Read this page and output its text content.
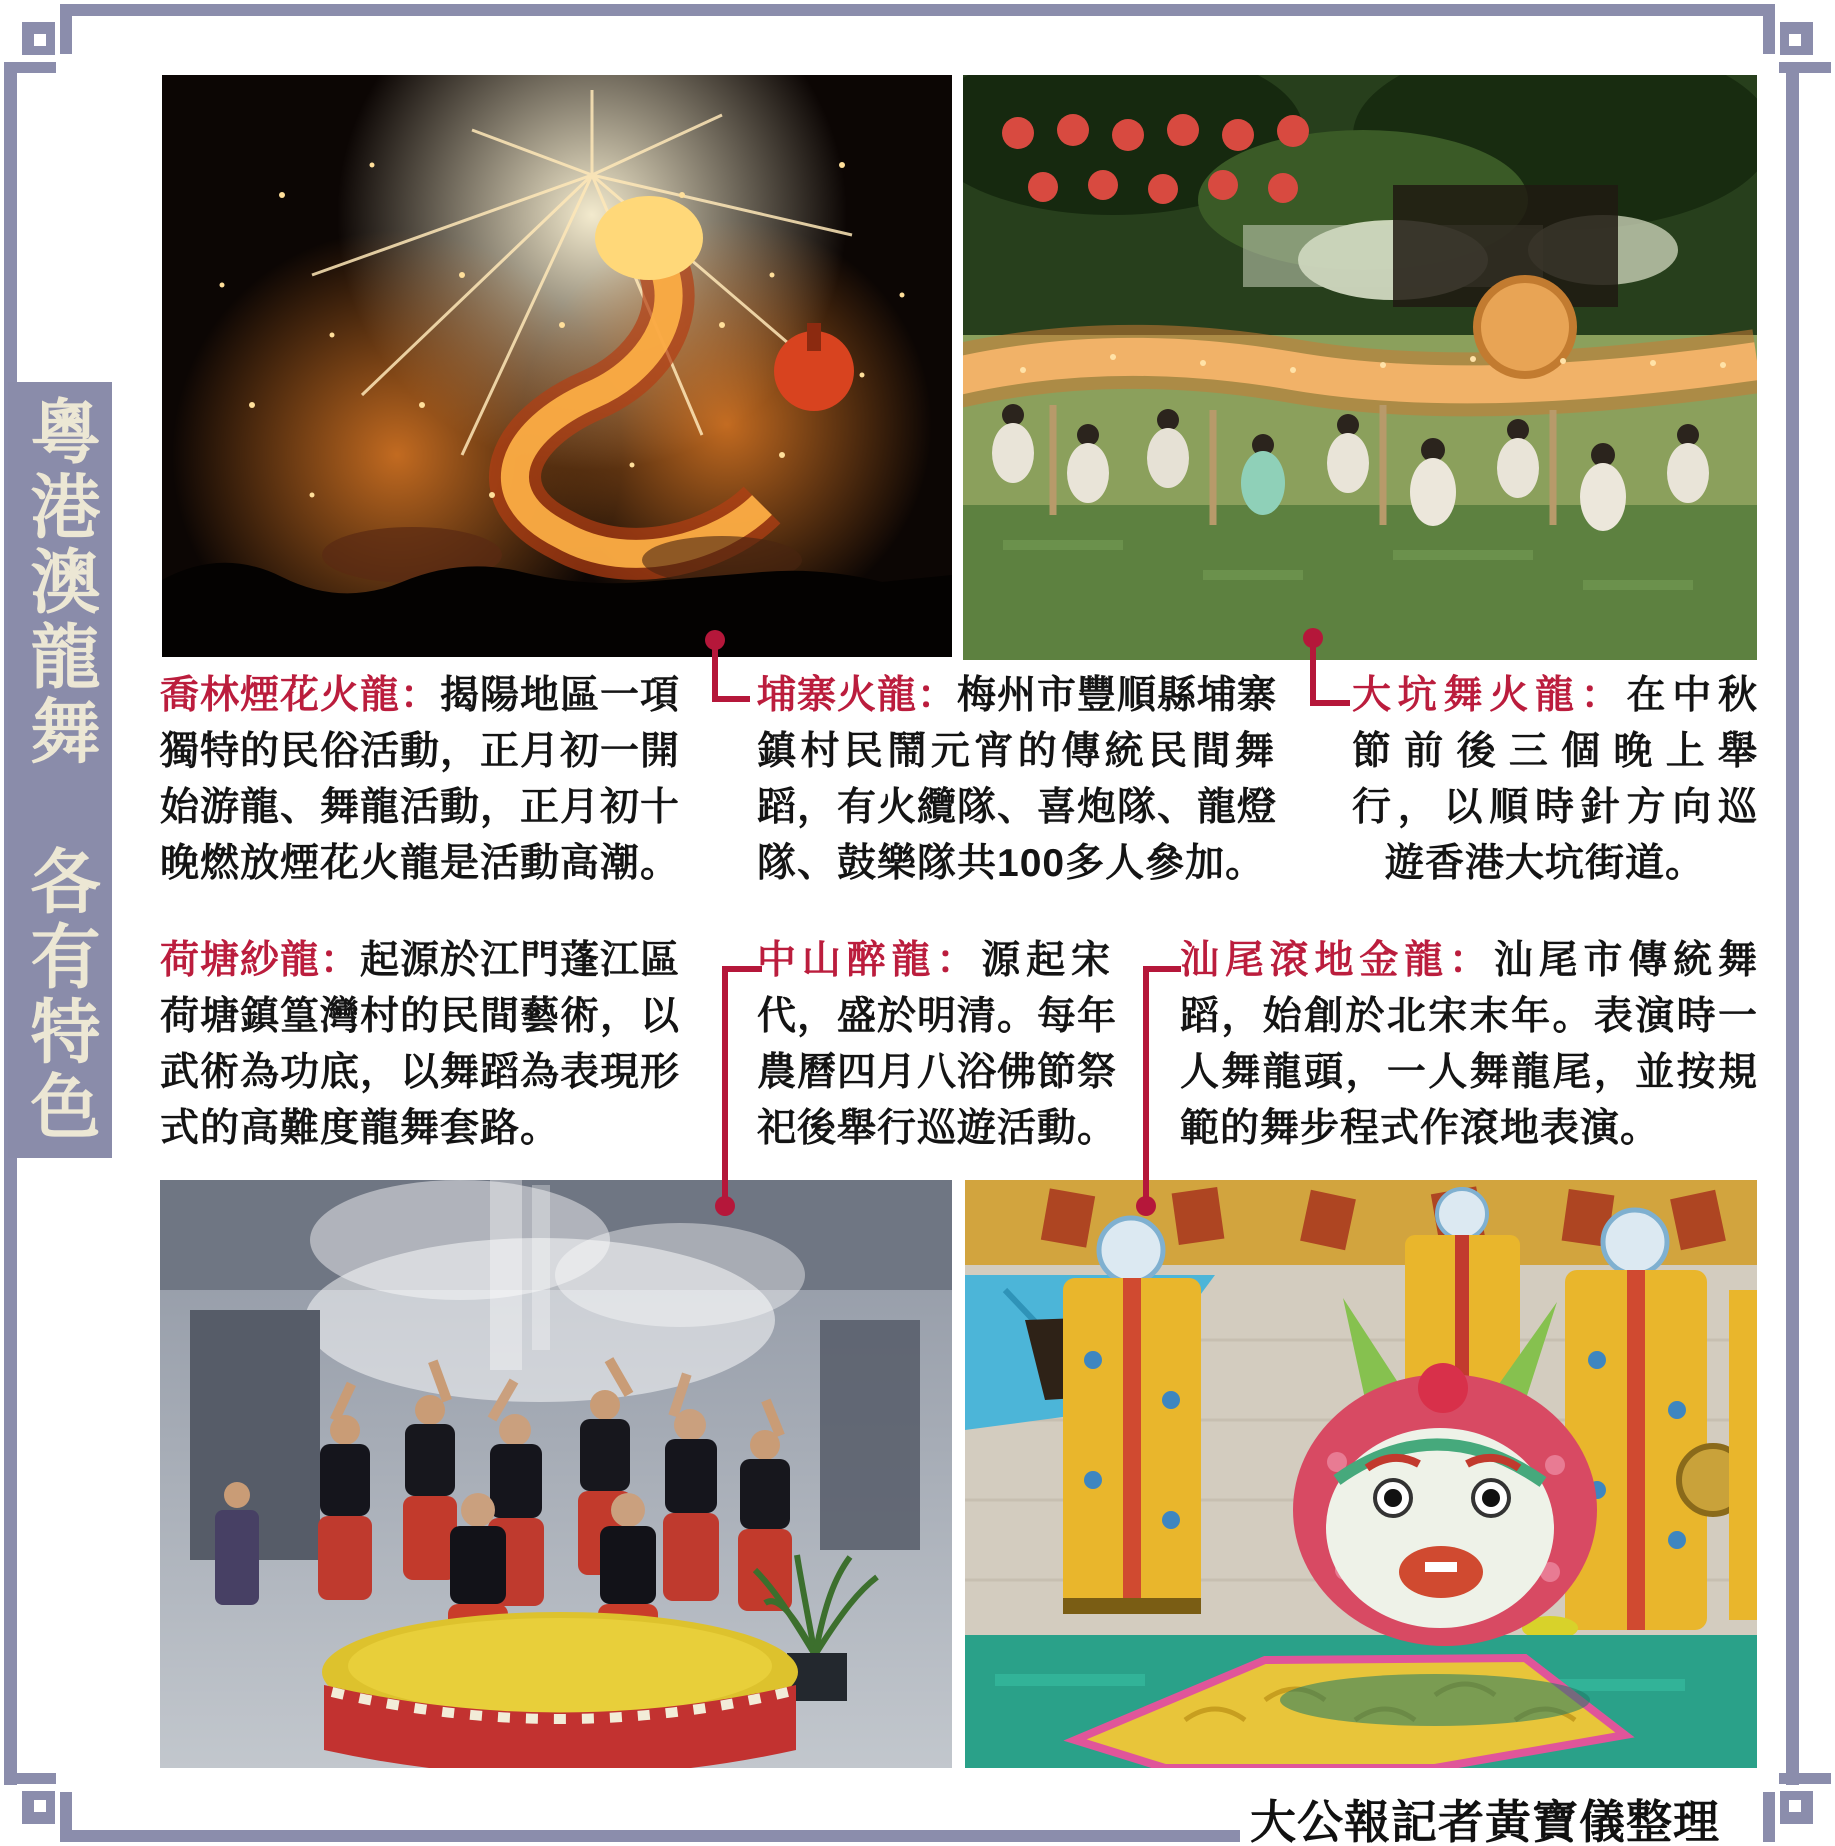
粵港澳龍舞　各有特色	喬林煙花火龍：揭陽地區一項
獨特的民俗活動，正月初一開
始游龍、舞龍活動，正月初十
晚燃放煙花火龍是活動高潮。
埔寨火龍：梅州市豐順縣埔寨
鎮村民鬧元宵的傳統民間舞
蹈，有火纜隊、喜炮隊、龍燈
隊、鼓樂隊共100多人參加。
大坑舞火龍：在中秋
節前後三個晚上舉
行，以順時針方向巡
遊香港大坑街道。
荷塘紗龍：起源於江門蓬江區
荷塘鎮篁灣村的民間藝術，以
武術為功底，以舞蹈為表現形
式的高難度龍舞套路。
中山醉龍：源起宋
代，盛於明清。每年
農曆四月八浴佛節祭
祀後舉行巡遊活動。
汕尾滾地金龍：汕尾市傳統舞
蹈，始創於北宋末年。表演時一
人舞龍頭，一人舞龍尾，並按規
範的舞步程式作滾地表演。
大公報記者黃寶儀整理
